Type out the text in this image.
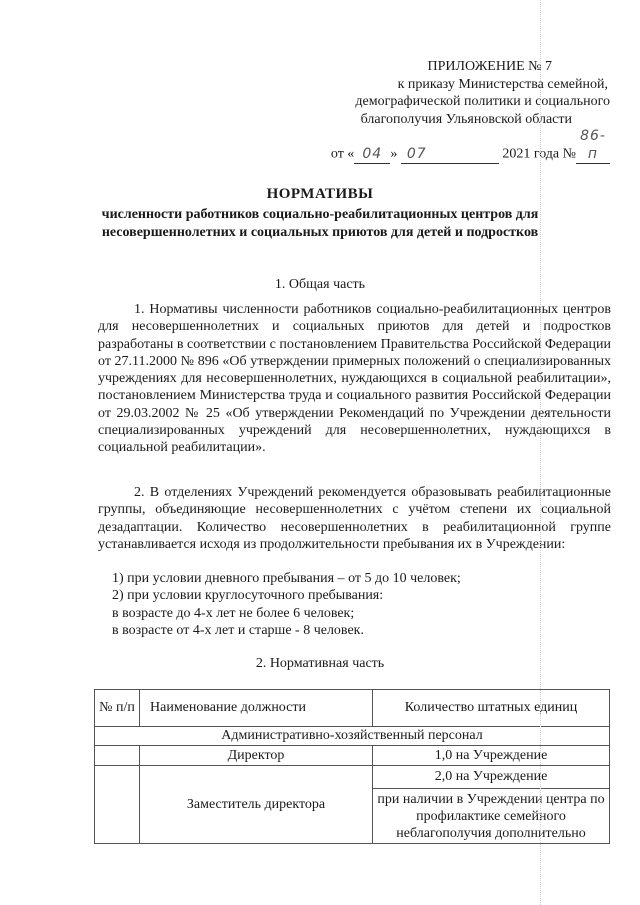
ПРИЛОЖЕНИЕ № 7
к приказу Министерства семейной,
демографической политики и социального
благополучия Ульяновской области
от « 04 » 07	2021 года №86-п
НОРМАТИВЫ
численности работников социально-реабилитационных центров для
несовершеннолетних и социальных приютов для детей и подростков
1. Общая часть
1. Нормативы численности работников социально-реабилитационных центров для несовершеннолетних и социальных приютов для детей и подростков разработаны в соответствии с постановлением Правительства Российской Федерации от 27.11.2000 № 896 «Об утверждении примерных положений о специализированных учреждениях для несовершеннолетних, нуждающихся в социальной реабилитации», постановлением Министерства труда и социального развития Российской Федерации от 29.03.2002 № 25 «Об утверждении Рекомендаций по Учреждении деятельности специализированных учреждений для несовершеннолетних, нуждающихся в социальной реабилитации».
2. В отделениях Учреждений рекомендуется образовывать реабилитационные группы, объединяющие несовершеннолетних с учётом степени их социальной дезадаптации. Количество несовершеннолетних в реабилитационной группе устанавливается исходя из продолжительности пребывания их в Учреждении:
1) при условии дневного пребывания – от 5 до 10 человек;
2) при условии круглосуточного пребывания:
в возрасте до 4-х лет не более 6 человек;
в возрасте от 4-х лет и старше - 8 человек.
2. Нормативная часть
№ п/п	Наименование должности	Количество штатных единиц
Административно-хозяйственный персонал		
	Директор	1,0 на Учреждение
	Заместитель директора	2,0 на Учреждение
		при наличии в Учреждении центра по профилактике семейного неблагополучия дополнительно
